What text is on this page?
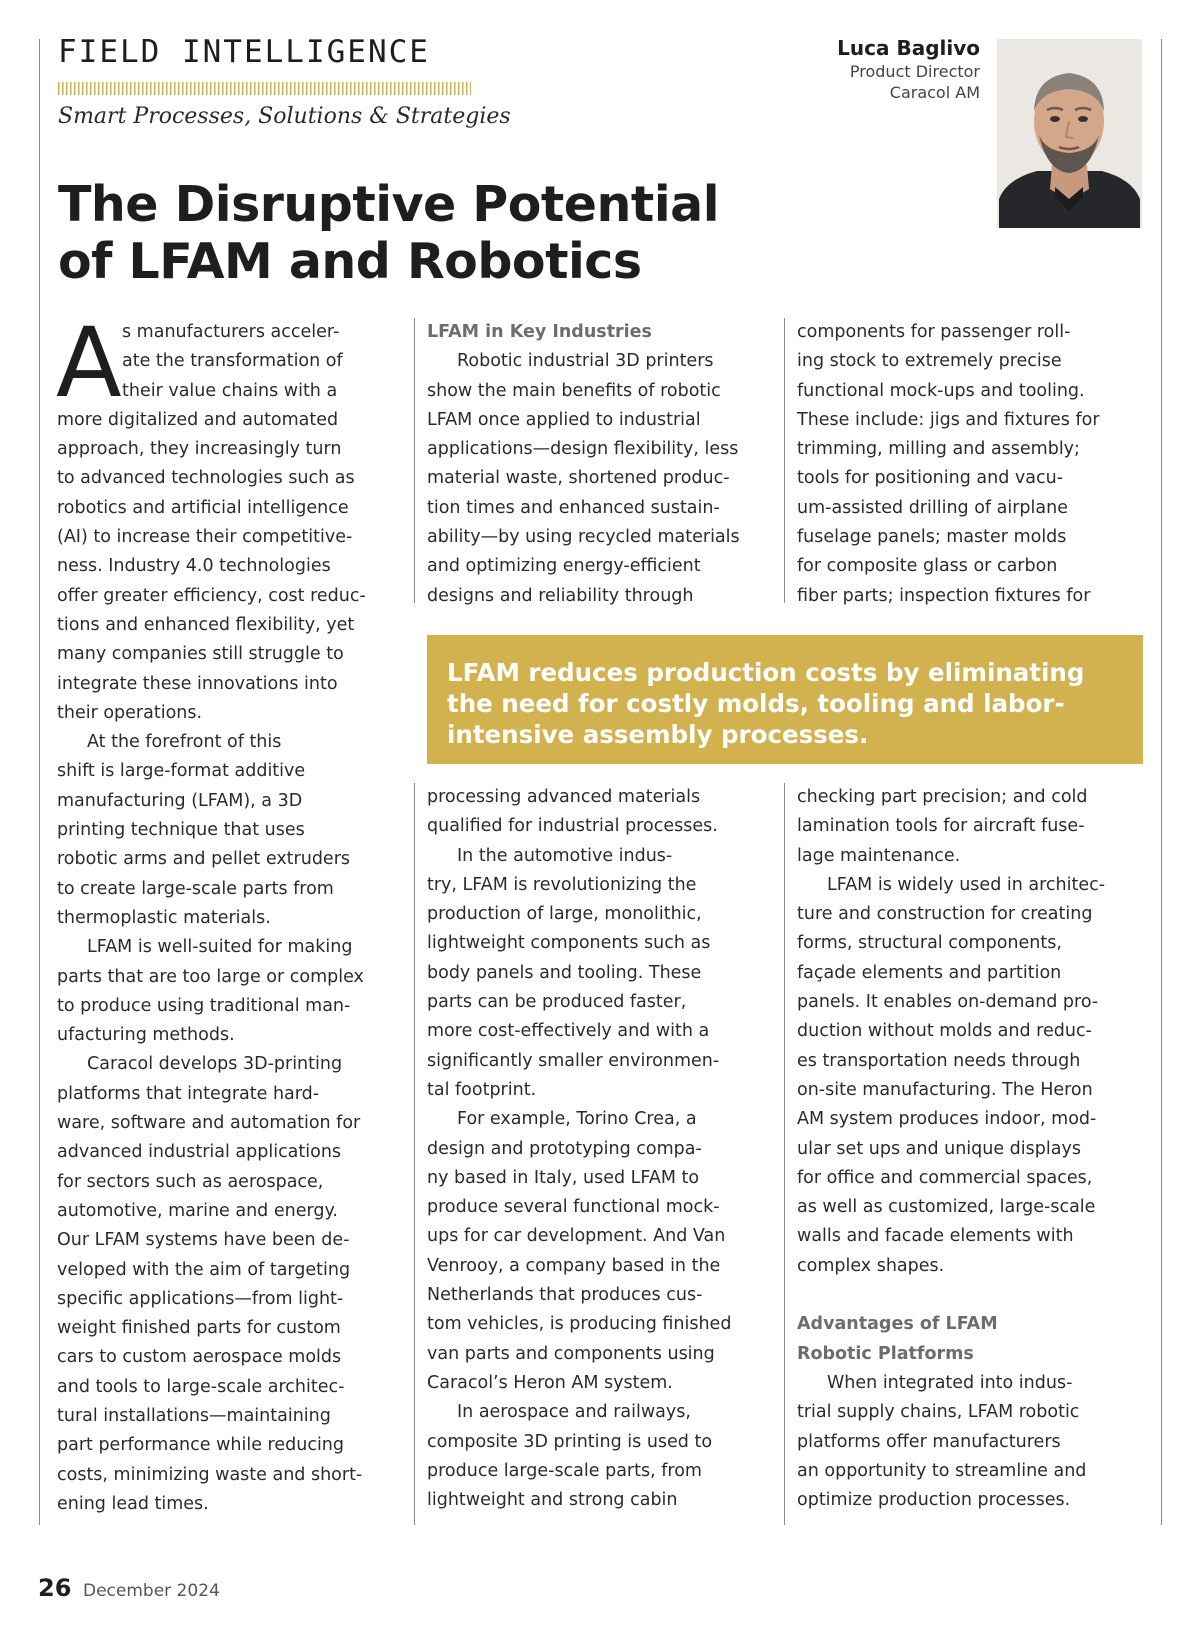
FIELD INTELLIGENCE
Smart Processes, Solutions & Strategies
Luca Baglivo
Product Director
Caracol AM
The Disruptive Potential
of LFAM and Robotics
A s manufacturers acceler-
ate the transformation of
their value chains with a
more digitalized and automated
approach, they increasingly turn
to advanced technologies such as
robotics and artificial intelligence
(AI) to increase their competitive-
ness. Industry 4.0 technologies
offer greater efficiency, cost reduc-
tions and enhanced flexibility, yet
many companies still struggle to
integrate these innovations into
their operations.
At the forefront of this
shift is large-format additive
manufacturing (LFAM), a 3D
printing technique that uses
robotic arms and pellet extruders
to create large-scale parts from
thermoplastic materials.
LFAM is well-suited for making
parts that are too large or complex
to produce using traditional man-
ufacturing methods.
Caracol develops 3D-printing
platforms that integrate hard-
ware, software and automation for
advanced industrial applications
for sectors such as aerospace,
automotive, marine and energy.
Our LFAM systems have been de-
veloped with the aim of targeting
specific applications—from light-
weight finished parts for custom
cars to custom aerospace molds
and tools to large-scale architec-
tural installations—maintaining
part performance while reducing
costs, minimizing waste and short-
ening lead times.
LFAM in Key Industries
Robotic industrial 3D printers
show the main benefits of robotic
LFAM once applied to industrial
applications—design flexibility, less
material waste, shortened produc-
tion times and enhanced sustain-
ability—by using recycled materials
and optimizing energy-efficient
designs and reliability through
components for passenger roll-
ing stock to extremely precise
functional mock-ups and tooling.
These include: jigs and fixtures for
trimming, milling and assembly;
tools for positioning and vacu-
um-assisted drilling of airplane
fuselage panels; master molds
for composite glass or carbon
fiber parts; inspection fixtures for
LFAM reduces production costs by eliminating
the need for costly molds, tooling and labor-
intensive assembly processes.
processing advanced materials
qualified for industrial processes.
In the automotive indus-
try, LFAM is revolutionizing the
production of large, monolithic,
lightweight components such as
body panels and tooling. These
parts can be produced faster,
more cost-effectively and with a
significantly smaller environmen-
tal footprint.
For example, Torino Crea, a
design and prototyping compa-
ny based in Italy, used LFAM to
produce several functional mock-
ups for car development. And Van
Venrooy, a company based in the
Netherlands that produces cus-
tom vehicles, is producing finished
van parts and components using
Caracol’s Heron AM system.
In aerospace and railways,
composite 3D printing is used to
produce large-scale parts, from
lightweight and strong cabin
checking part precision; and cold
lamination tools for aircraft fuse-
lage maintenance.
LFAM is widely used in architec-
ture and construction for creating
forms, structural components,
façade elements and partition
panels. It enables on-demand pro-
duction without molds and reduc-
es transportation needs through
on-site manufacturing. The Heron
AM system produces indoor, mod-
ular set ups and unique displays
for office and commercial spaces,
as well as customized, large-scale
walls and facade elements with
complex shapes.
Advantages of LFAM
Robotic Platforms
When integrated into indus-
trial supply chains, LFAM robotic
platforms offer manufacturers
an opportunity to streamline and
optimize production processes.
26 December 2024
